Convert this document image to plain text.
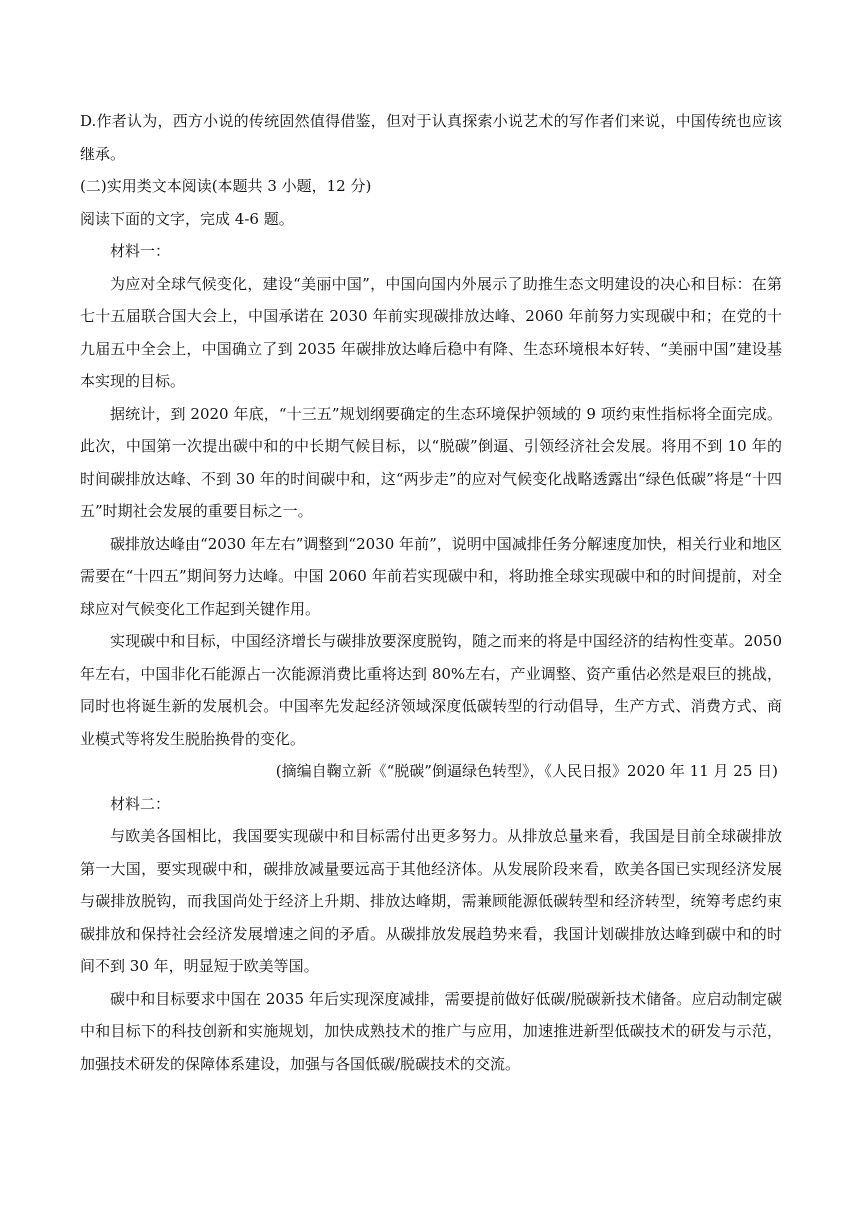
D.作者认为，西方小说的传统固然值得借鉴，但对于认真探索小说艺术的写作者们来说，中国传统也应该继承。

(二)实用类文本阅读(本题共 3 小题，12 分)

阅读下面的文字，完成 4-6 题。

材料一：

为应对全球气候变化，建设“美丽中国”，中国向国内外展示了助推生态文明建设的决心和目标：在第七十五届联合国大会上，中国承诺在 2030 年前实现碳排放达峰、2060 年前努力实现碳中和；在党的十九届五中全会上，中国确立了到 2035 年碳排放达峰后稳中有降、生态环境根本好转、“美丽中国”建设基本实现的目标。

据统计，到 2020 年底，“十三五”规划纲要确定的生态环境保护领域的 9 项约束性指标将全面完成。此次，中国第一次提出碳中和的中长期气候目标，以“脱碳”倒逼、引领经济社会发展。将用不到 10 年的时间碳排放达峰、不到 30 年的时间碳中和，这“两步走”的应对气候变化战略透露出“绿色低碳”将是“十四五”时期社会发展的重要目标之一。

碳排放达峰由“2030 年左右”调整到“2030 年前”，说明中国减排任务分解速度加快，相关行业和地区需要在“十四五”期间努力达峰。中国 2060 年前若实现碳中和，将助推全球实现碳中和的时间提前，对全球应对气候变化工作起到关键作用。

实现碳中和目标，中国经济增长与碳排放要深度脱钩，随之而来的将是中国经济的结构性变革。2050 年左右，中国非化石能源占一次能源消费比重将达到 80%左右，产业调整、资产重估必然是艰巨的挑战，同时也将诞生新的发展机会。中国率先发起经济领域深度低碳转型的行动倡导，生产方式、消费方式、商业模式等将发生脱胎换骨的变化。

(摘编自鞠立新《“脱碳”倒逼绿色转型》，《人民日报》2020 年 11 月 25 日)

材料二：

与欧美各国相比，我国要实现碳中和目标需付出更多努力。从排放总量来看，我国是目前全球碳排放第一大国，要实现碳中和，碳排放减量要远高于其他经济体。从发展阶段来看，欧美各国已实现经济发展与碳排放脱钩，而我国尚处于经济上升期、排放达峰期，需兼顾能源低碳转型和经济转型，统筹考虑约束碳排放和保持社会经济发展增速之间的矛盾。从碳排放发展趋势来看，我国计划碳排放达峰到碳中和的时间不到 30 年，明显短于欧美等国。

碳中和目标要求中国在 2035 年后实现深度减排，需要提前做好低碳/脱碳新技术储备。应启动制定碳中和目标下的科技创新和实施规划，加快成熟技术的推广与应用，加速推进新型低碳技术的研发与示范，加强技术研发的保障体系建设，加强与各国低碳/脱碳技术的交流。
